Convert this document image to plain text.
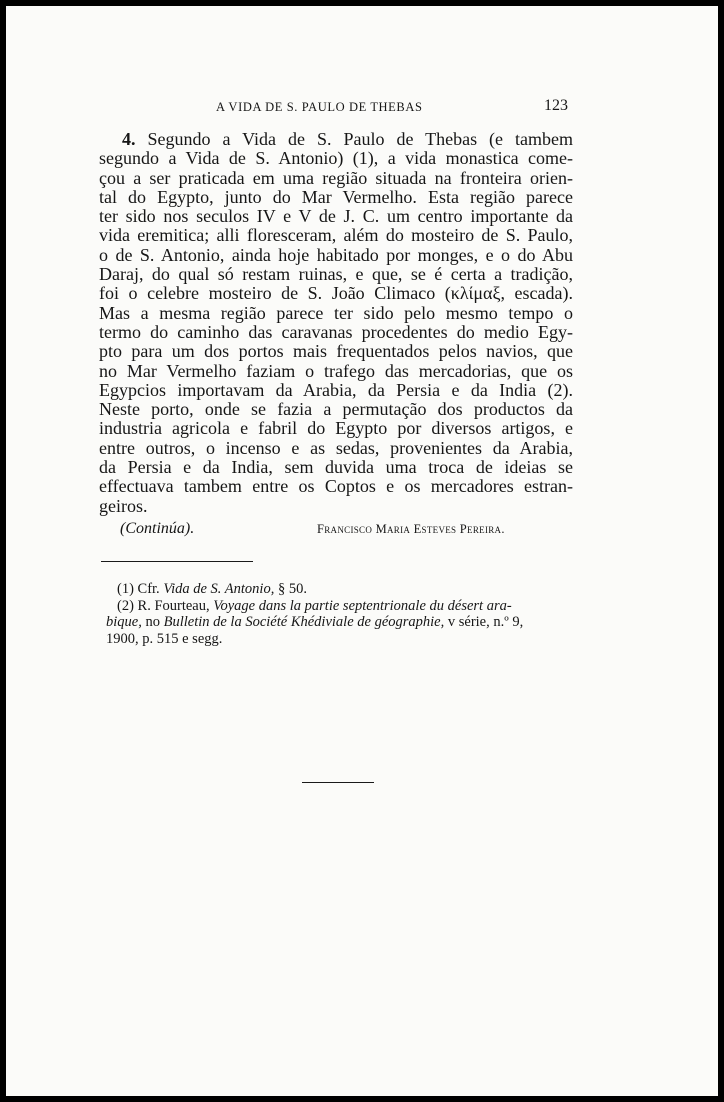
A VIDA DE S. PAULO DE THEBAS	123
4. Segundo a Vida de S. Paulo de Thebas (e tambem
segundo a Vida de S. Antonio) (1), a vida monastica come-
çou a ser praticada em uma região situada na fronteira orien-
tal do Egypto, junto do Mar Vermelho. Esta região parece
ter sido nos seculos IV e V de J. C. um centro importante da
vida eremitica; alli floresceram, além do mosteiro de S. Paulo,
o de S. Antonio, ainda hoje habitado por monges, e o do Abu
Daraj, do qual só restam ruinas, e que, se é certa a tradição,
foi o celebre mosteiro de S. João Climaco (κλίμαξ, escada).
Mas a mesma região parece ter sido pelo mesmo tempo o
termo do caminho das caravanas procedentes do medio Egy-
pto para um dos portos mais frequentados pelos navios, que
no Mar Vermelho faziam o trafego das mercadorias, que os
Egypcios importavam da Arabia, da Persia e da India (2).
Neste porto, onde se fazia a permutação dos productos da
industria agricola e fabril do Egypto por diversos artigos, e
entre outros, o incenso e as sedas, provenientes da Arabia,
da Persia e da India, sem duvida uma troca de ideias se
effectuava tambem entre os Coptos e os mercadores estran-
geiros.
(Continúa).	Francisco Maria Esteves Pereira.
(1) Cfr. Vida de S. Antonio, § 50.
(2) R. Fourteau, Voyage dans la partie septentrionale du désert ara-
bique, no Bulletin de la Société Khédiviale de géographie, v série, n.º 9,
1900, p. 515 e segg.
